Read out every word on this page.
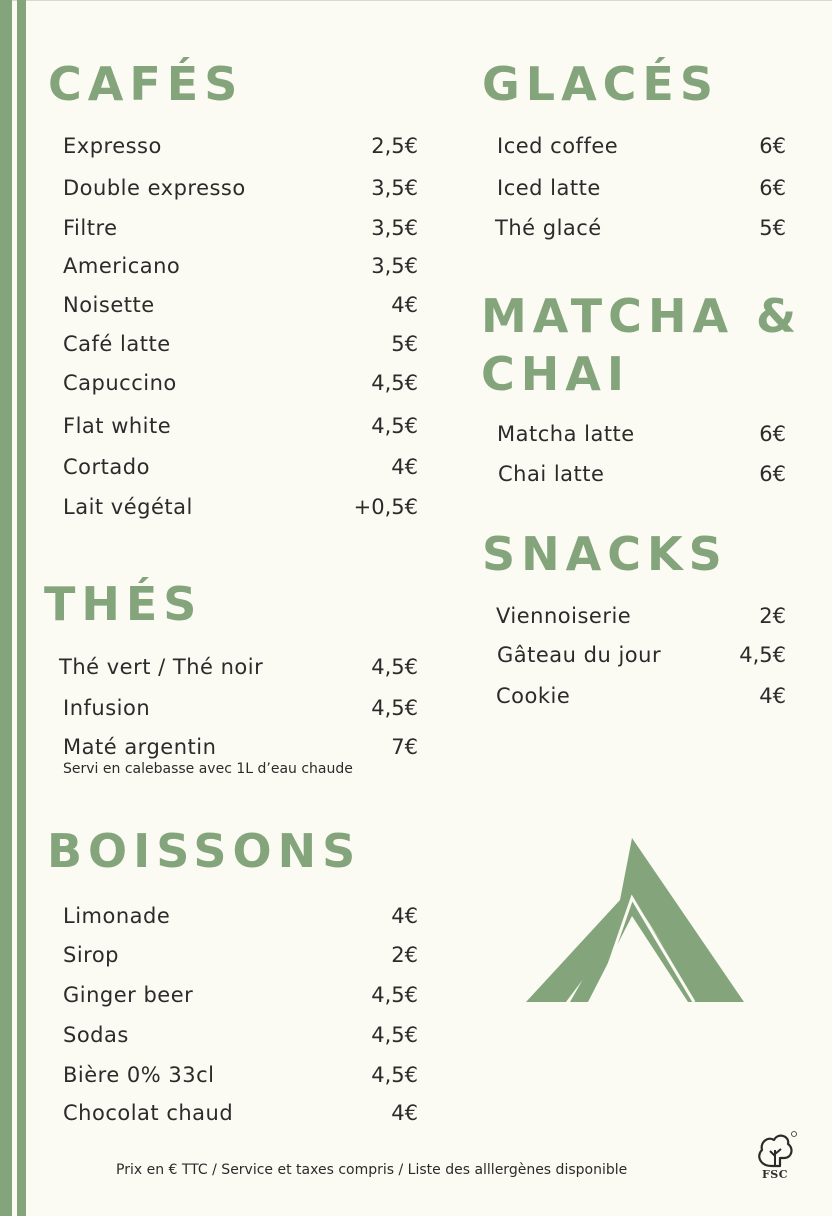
CAFÉS
Expresso	2,5€
Double expresso	3,5€
Filtre	3,5€
Americano	3,5€
Noisette	4€
Café latte	5€
Capuccino	4,5€
Flat white	4,5€
Cortado	4€
Lait végétal	+0,5€
THÉS
Thé vert / Thé noir	4,5€
Infusion	4,5€
Maté argentin	7€
Servi en calebasse avec 1L d’eau chaude
BOISSONS
Limonade	4€
Sirop	2€
Ginger beer	4,5€
Sodas	4,5€
Bière 0% 33cl	4,5€
Chocolat chaud	4€
GLACÉS
Iced coffee	6€
Iced latte	6€
Thé glacé	5€
MATCHA &
CHAI
Matcha latte	6€
Chai latte	6€
SNACKS
Viennoiserie	2€
Gâteau du jour	4,5€
Cookie	4€
FSC
Prix en € TTC / Service et taxes compris / Liste des alllergènes disponible
